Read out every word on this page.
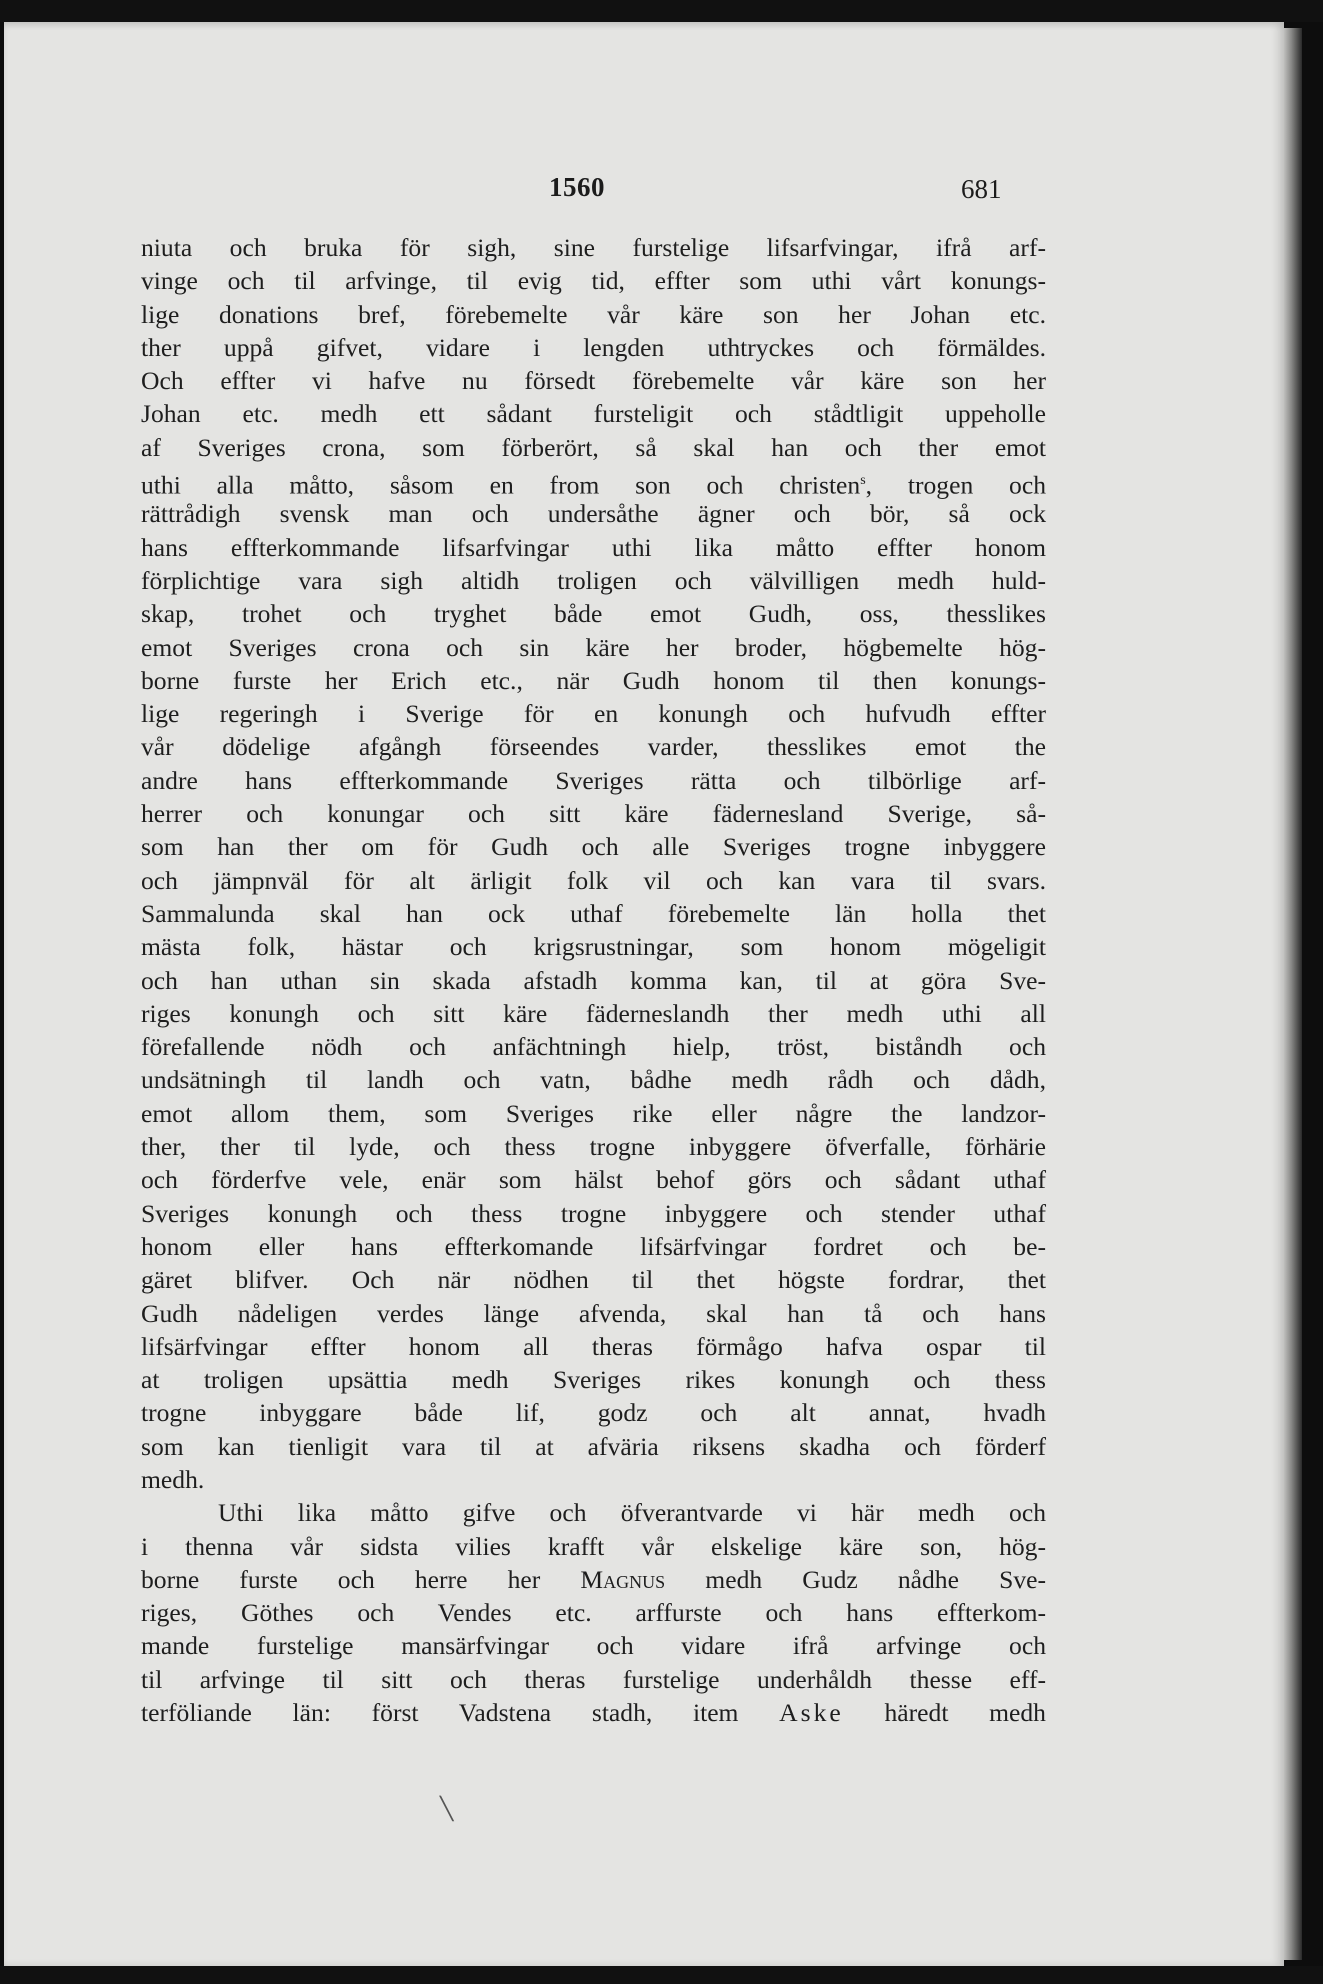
1560	681
niuta och bruka för sigh, sine furstelige lifsarfvingar, ifrå arf-
vinge och til arfvinge, til evig tid, effter som uthi vårt konungs-
lige donations bref, förebemelte vår käre son her Johan etc.
ther uppå gifvet, vidare i lengden uthtryckes och förmäldes.
Och effter vi hafve nu försedt förebemelte vår käre son her
Johan etc. medh ett sådant fursteligit och stådtligit uppeholle
af Sveriges crona, som förberört, så skal han och ther emot
uthi alla måtto, såsom en from son och christen$^s$, trogen och
rättrådigh svensk man och undersåthe ägner och bör, så ock
hans effterkommande lifsarfvingar uthi lika måtto effter honom
förplichtige vara sigh altidh troligen och välvilligen medh huld-
skap, trohet och tryghet både emot Gudh, oss, thesslikes
emot Sveriges crona och sin käre her broder, högbemelte hög-
borne furste her Erich etc., när Gudh honom til then konungs-
lige regeringh i Sverige för en konungh och hufvudh effter
vår dödelige afgångh förseendes varder, thesslikes emot the
andre hans effterkommande Sveriges rätta och tilbörlige arf-
herrer och konungar och sitt käre fädernesland Sverige, så-
som han ther om för Gudh och alle Sveriges trogne inbyggere
och jämpnväl för alt ärligit folk vil och kan vara til svars.
Sammalunda skal han ock uthaf förebemelte län holla thet
mästa folk, hästar och krigsrustningar, som honom mögeligit
och han uthan sin skada afstadh komma kan, til at göra Sve-
riges konungh och sitt käre fäderneslandh ther medh uthi all
förefallende nödh och anfächtningh hielp, tröst, biståndh och
undsätningh til landh och vatn, bådhe medh rådh och dådh,
emot allom them, som Sveriges rike eller någre the landzor-
ther, ther til lyde, och thess trogne inbyggere öfverfalle, förhärie
och förderfve vele, enär som hälst behof görs och sådant uthaf
Sveriges konungh och thess trogne inbyggere och stender uthaf
honom eller hans effterkomande lifsärfvingar fordret och be-
gäret blifver. Och när nödhen til thet högste fordrar, thet
Gudh nådeligen verdes länge afvenda, skal han tå och hans
lifsärfvingar effter honom all theras förmågo hafva ospar til
at troligen upsättia medh Sveriges rikes konungh och thess
trogne inbyggare både lif, godz och alt annat, hvadh
som kan tienligit vara til at afväria riksens skadha och förderf
medh.
Uthi lika måtto gifve och öfverantvarde vi här medh och
i thenna vår sidsta vilies krafft vår elskelige käre son, hög-
borne furste och herre her Magnus medh Gudz nådhe Sve-
riges, Göthes och Vendes etc. arffurste och hans effterkom-
mande furstelige mansärfvingar och vidare ifrå arfvinge och
til arfvinge til sitt och theras furstelige underhåldh thesse eff-
terföliande län: först Vadstena stadh, item Aske häredt medh
╲
